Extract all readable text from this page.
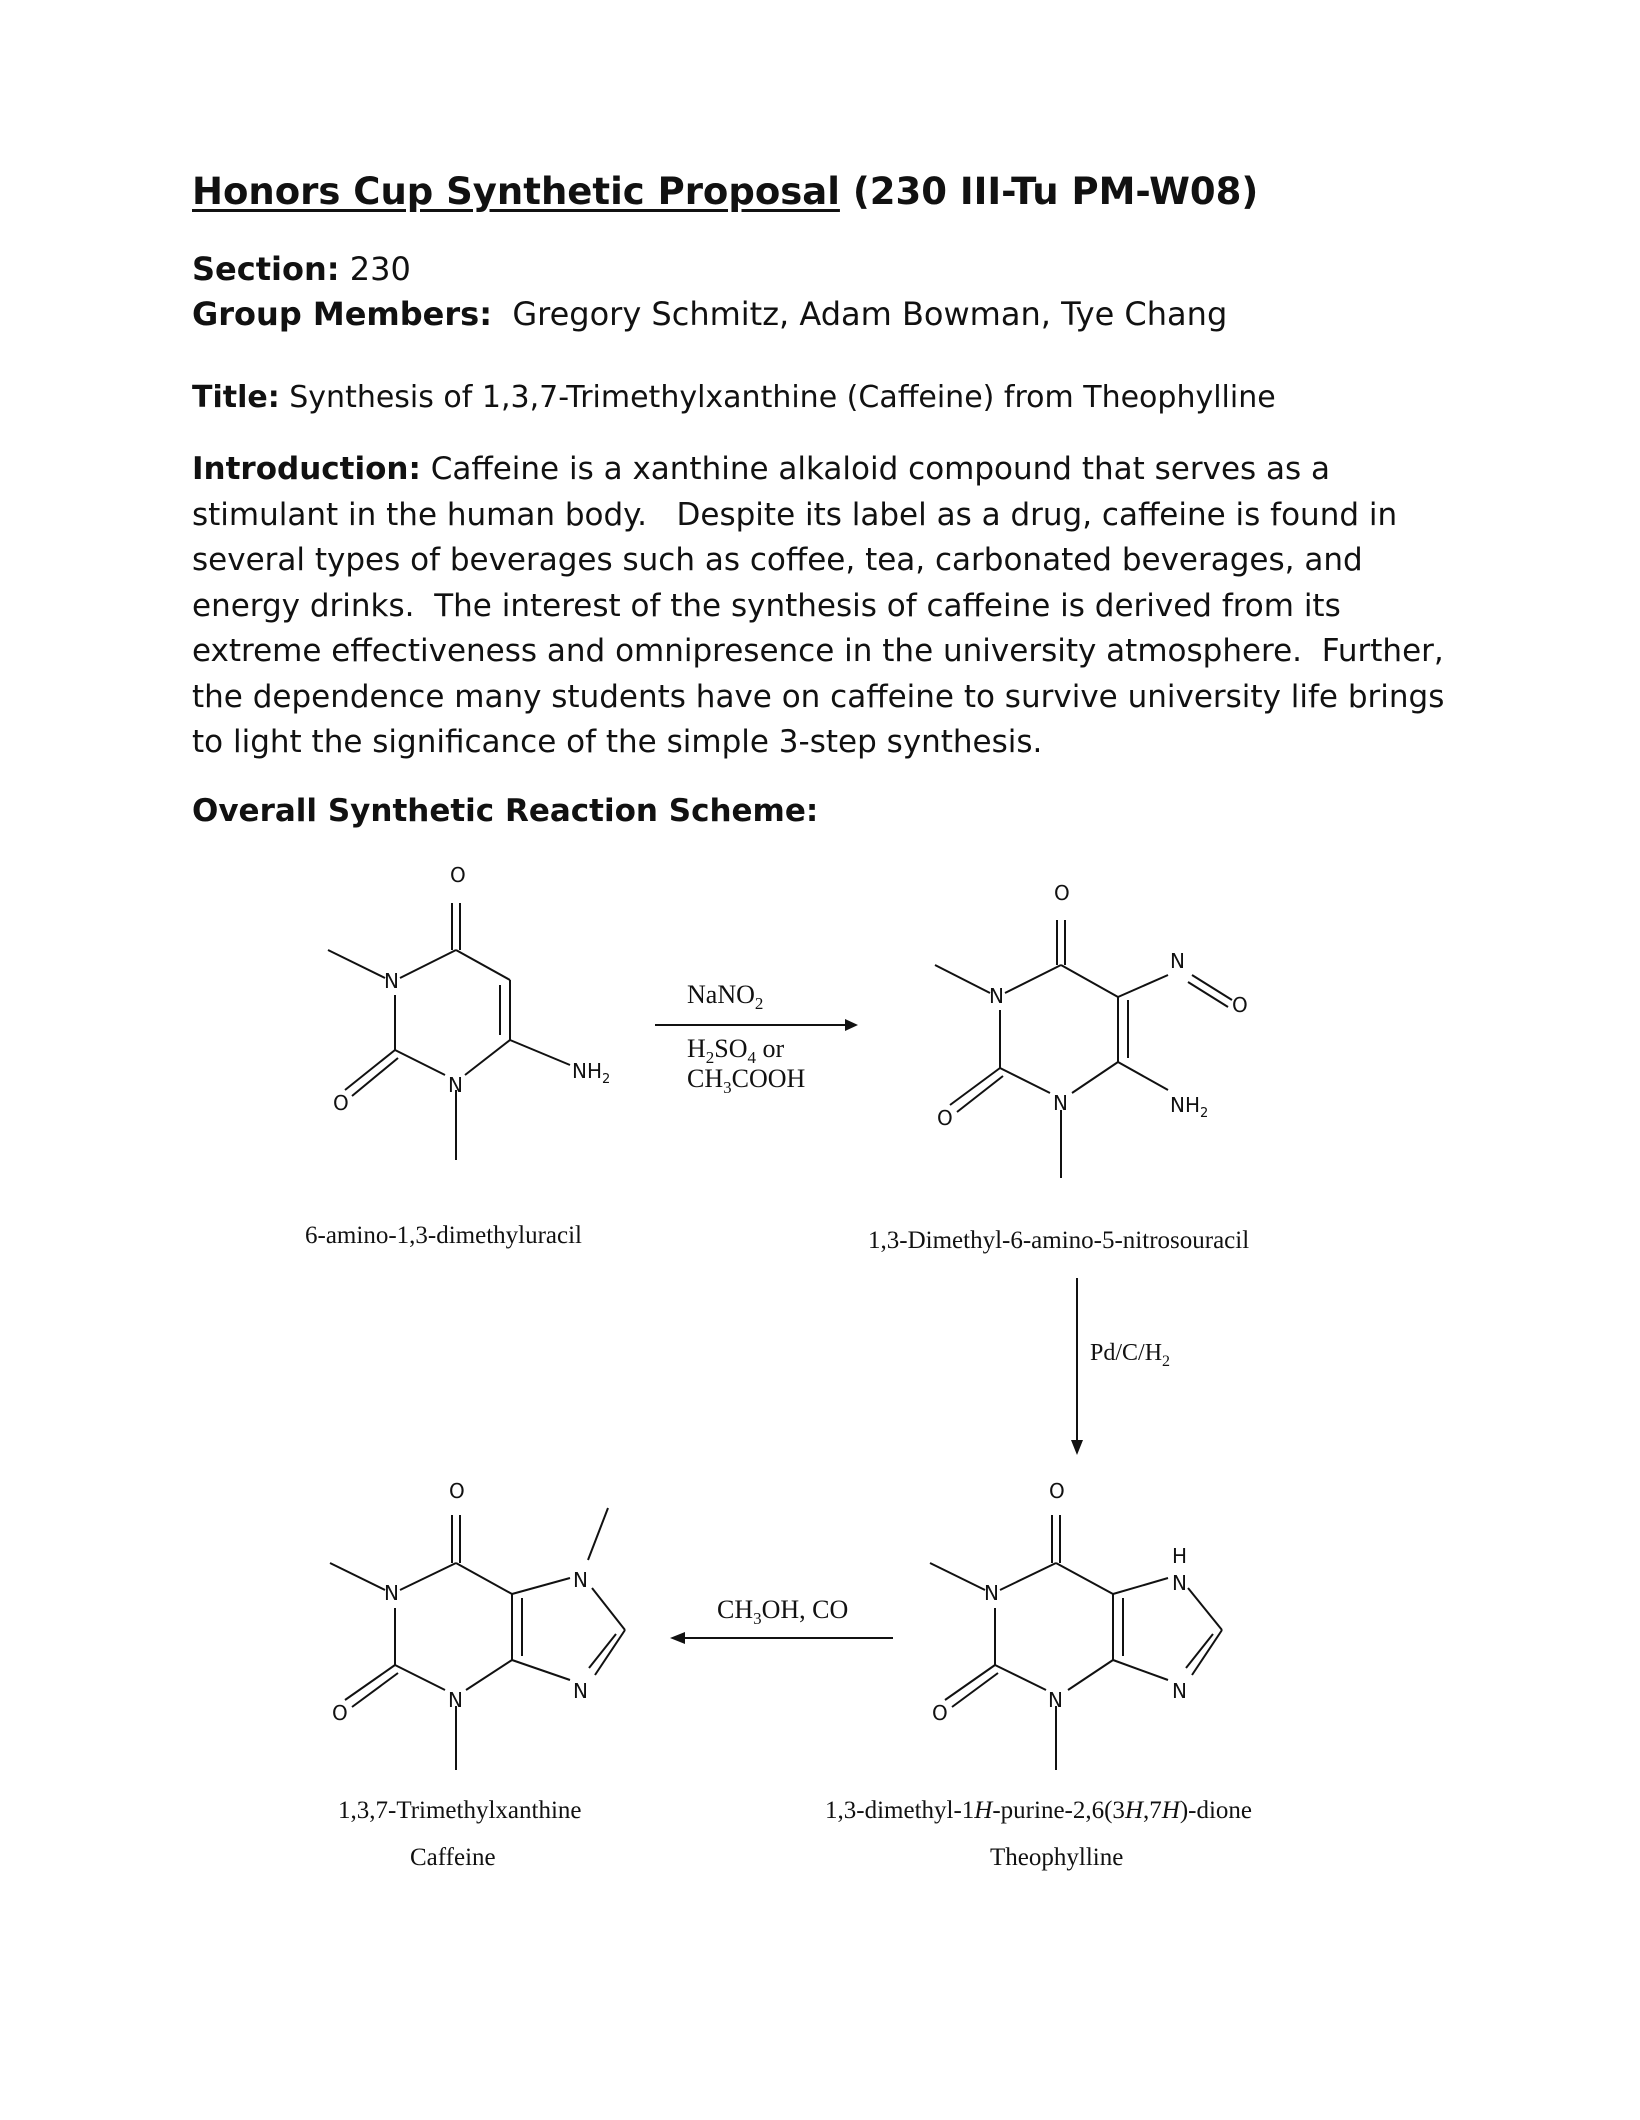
Honors Cup Synthetic Proposal (230 III-Tu PM-W08)
Section: 230
Group Members:  Gregory Schmitz, Adam Bowman, Tye Chang
Title: Synthesis of 1,3,7-Trimethylxanthine (Caffeine) from Theophylline
Introduction: Caffeine is a xanthine alkaloid compound that serves as a stimulant in the human body.   Despite its label as a drug, caffeine is found in several types of beverages such as coffee, tea, carbonated beverages, and energy drinks.  The interest of the synthesis of caffeine is derived from its extreme effectiveness and omnipresence in the university atmosphere.  Further, the dependence many students have on caffeine to survive university life brings to light the significance of the simple 3-step synthesis.
Overall Synthetic Reaction Scheme:
O
N
N
O
$NH_2$
O
N
N
O
N
O
$NH_2$
O
N
N
O
N
H
N
O
N
N
O
N
N
NaNO$_2$
$H_2SO_4$ or
$CH_3COOH$
$Pd/C/H_2$
$CH_3OH$, CO
6-amino-1,3-dimethyluracil	1,3-Dimethyl-6-amino-5-nitrosouracil
1,3-dimethyl-1H-purine-2,6(3H,7H)-dione
Theophylline
1,3,7-Trimethylxanthine
Caffeine
